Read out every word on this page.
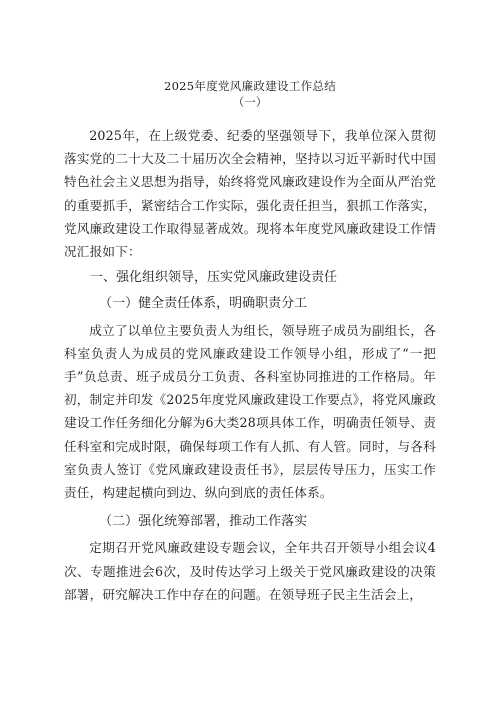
2025年度党风廉政建设工作总结
（一）

2025年，在上级党委、纪委的坚强领导下，我单位深入贯彻落实党的二十大及二十届历次全会精神，坚持以习近平新时代中国特色社会主义思想为指导，始终将党风廉政建设作为全面从严治党的重要抓手，紧密结合工作实际，强化责任担当，狠抓工作落实，党风廉政建设工作取得显著成效。现将本年度党风廉政建设工作情况汇报如下：

一、强化组织领导，压实党风廉政建设责任
（一）健全责任体系，明确职责分工

成立了以单位主要负责人为组长，领导班子成员为副组长，各科室负责人为成员的党风廉政建设工作领导小组，形成了“一把手”负总责、班子成员分工负责、各科室协同推进的工作格局。年初，制定并印发《2025年度党风廉政建设工作要点》，将党风廉政建设工作任务细化分解为6大类28项具体工作，明确责任领导、责任科室和完成时限，确保每项工作有人抓、有人管。同时，与各科室负责人签订《党风廉政建设责任书》，层层传导压力，压实工作责任，构建起横向到边、纵向到底的责任体系。

（二）强化统筹部署，推动工作落实

定期召开党风廉政建设专题会议，全年共召开领导小组会议4次、专题推进会6次，及时传达学习上级关于党风廉政建设的决策部署，研究解决工作中存在的问题。在领导班子民主生活会上，
